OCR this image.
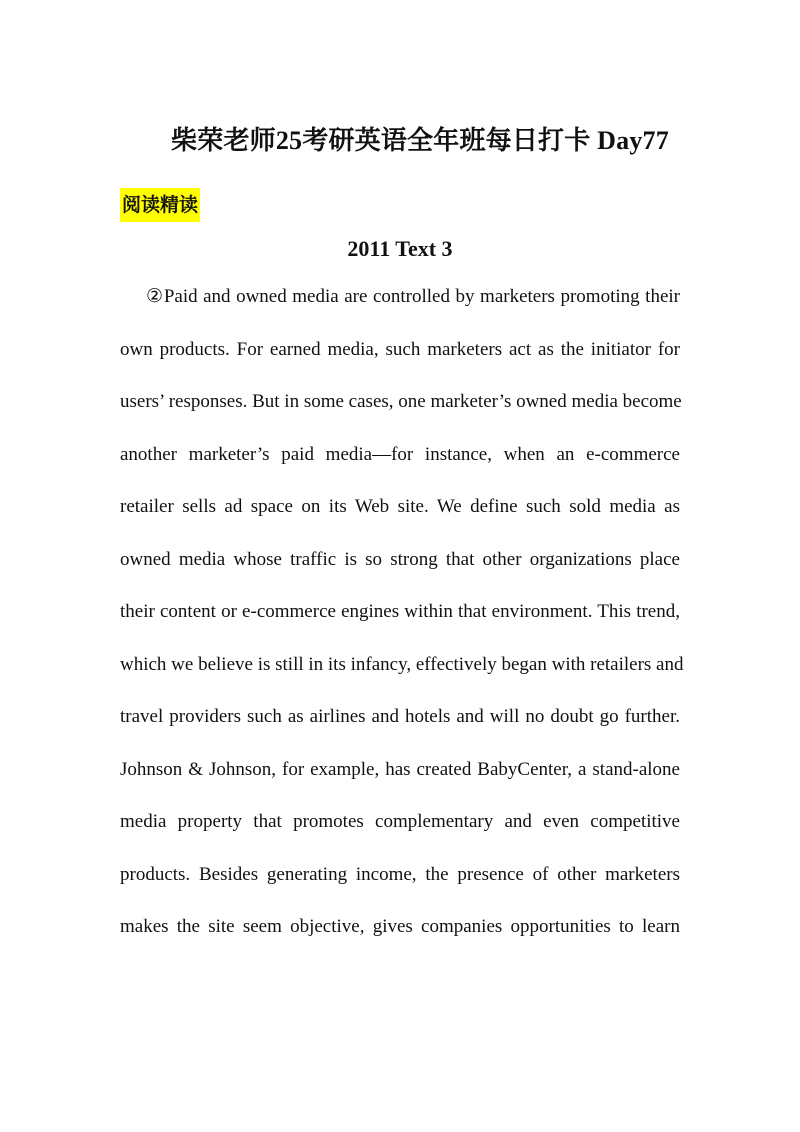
柴荣老师25考研英语全年班每日打卡 Day77
阅读精读
2011 Text 3
②Paid and owned media are controlled by marketers promoting their
own products. For earned media, such marketers act as the initiator for
users’ responses. But in some cases, one marketer’s owned media become
another marketer’s paid media—for instance, when an e-commerce
retailer sells ad space on its Web site. We define such sold media as
owned media whose traffic is so strong that other organizations place
their content or e-commerce engines within that environment. This trend,
which we believe is still in its infancy, effectively began with retailers and
travel providers such as airlines and hotels and will no doubt go further.
Johnson & Johnson, for example, has created BabyCenter, a stand-alone
media property that promotes complementary and even competitive
products. Besides generating income, the presence of other marketers
makes the site seem objective, gives companies opportunities to learn
